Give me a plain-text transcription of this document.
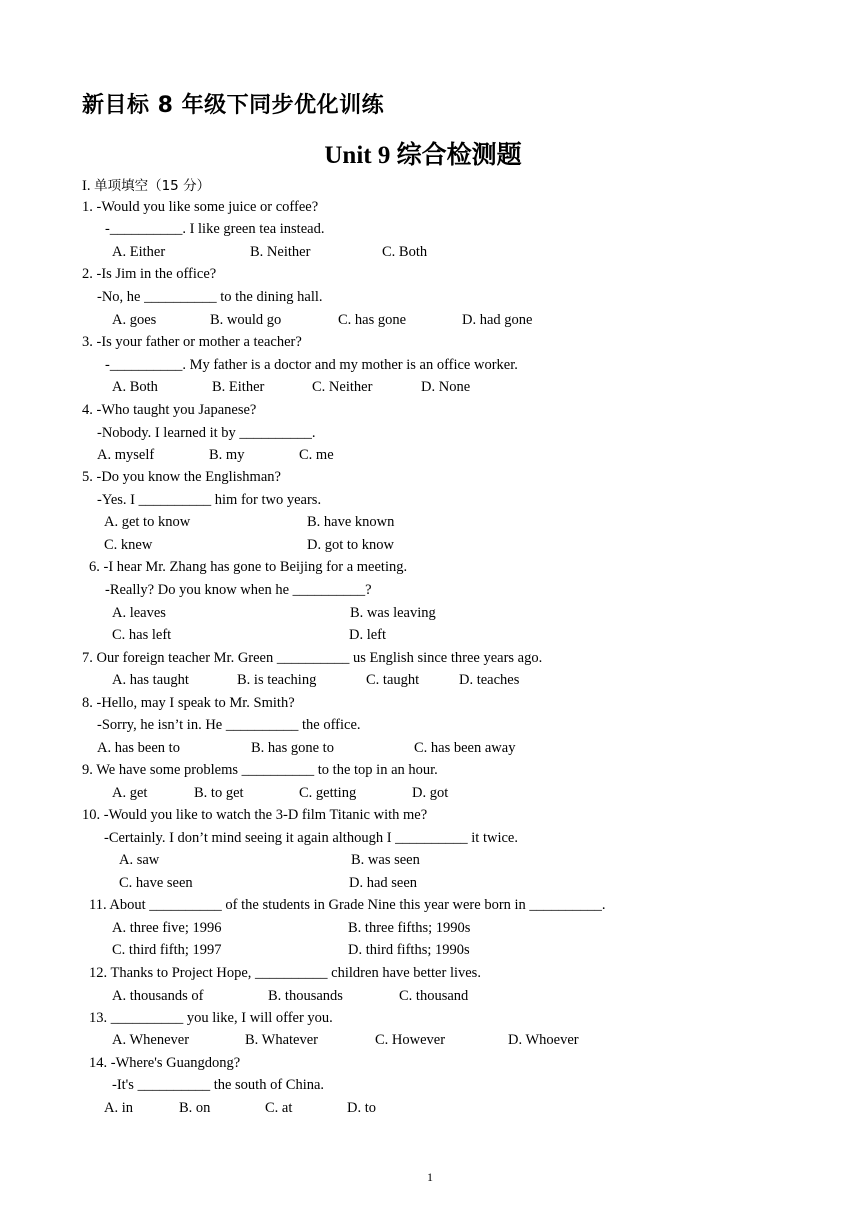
新目标 8 年级下同步优化训练
Unit 9 综合检测题
I. 单项填空（15 分）
1. -Would you like some juice or coffee?
-__________. I like green tea instead.
A. Either	B. Neither	C. Both
2. -Is Jim in the office?
-No, he __________ to the dining hall.
A. goes	B. would go	C. has gone	D. had gone
3. -Is your father or mother a teacher?
-__________. My father is a doctor and my mother is an office worker.
A. Both	B. Either	C. Neither	D. None
4. -Who taught you Japanese?
-Nobody. I learned it by __________.
A. myself	B. my	C. me
5. -Do you know the Englishman?
-Yes. I __________ him for two years.
A. get to know	B. have known
C. knew	D. got to know
6. -I hear Mr. Zhang has gone to Beijing for a meeting.
-Really? Do you know when he __________?
A. leaves	B. was leaving
C. has left	D. left
7. Our foreign teacher Mr. Green __________ us English since three years ago.
A. has taught	B. is teaching	C. taught	D. teaches
8. -Hello, may I speak to Mr. Smith?
-Sorry, he isn’t in. He __________ the office.
A. has been to	B. has gone to	C. has been away
9. We have some problems __________ to the top in an hour.
A. get	B. to get	C. getting	D. got
10. -Would you like to watch the 3-D film Titanic with me?
-Certainly. I don’t mind seeing it again although I __________ it twice.
A. saw	B. was seen
C. have seen	D. had seen
11. About __________ of the students in Grade Nine this year were born in __________.
A. three five; 1996	B. three fifths; 1990s
C. third fifth; 1997	D. third fifths; 1990s
12. Thanks to Project Hope, __________ children have better lives.
A. thousands of	B. thousands	C. thousand
13. __________ you like, I will offer you.
A. Whenever	B. Whatever	C. However	D. Whoever
14. -Where's Guangdong?
-It's __________ the south of China.
A. in	B. on	C. at	D. to
1
